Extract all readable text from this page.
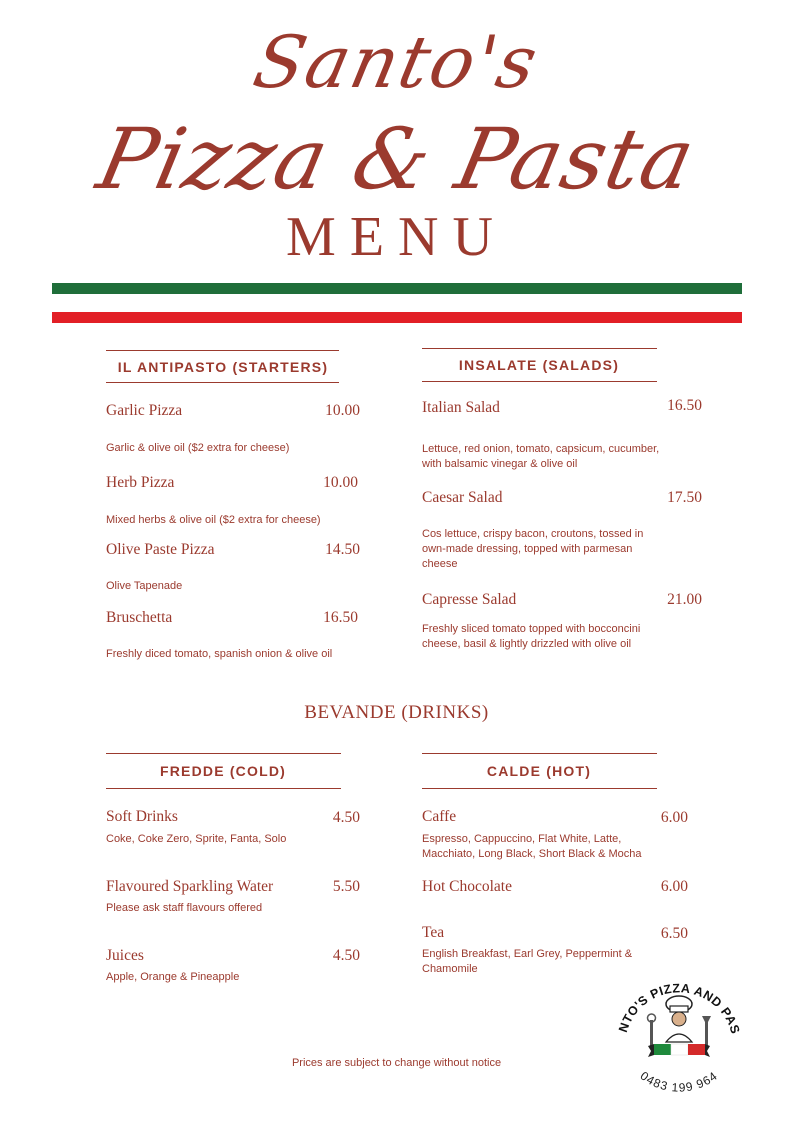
Santo's
Pizza & Pasta
MENU
IL ANTIPASTO (STARTERS)
Garlic Pizza	10.00
Garlic & olive oil ($2 extra for cheese)
Herb Pizza	10.00
Mixed herbs & olive oil ($2 extra for cheese)
Olive Paste Pizza	14.50
Olive Tapenade
Bruschetta	16.50
Freshly diced tomato, spanish onion & olive oil
INSALATE (SALADS)
Italian Salad	16.50
Lettuce, red onion, tomato, capsicum, cucumber, with balsamic vinegar & olive oil
Caesar Salad	17.50
Cos lettuce, crispy bacon, croutons, tossed in own-made dressing, topped with parmesan cheese
Capresse Salad	21.00
Freshly sliced tomato topped with bocconcini cheese, basil & lightly drizzled with olive oil
BEVANDE (DRINKS)
FREDDE (COLD)
Soft Drinks	4.50
Coke, Coke Zero, Sprite, Fanta, Solo
Flavoured Sparkling Water	5.50
Please ask staff flavours offered
Juices	4.50
Apple, Orange & Pineapple
CALDE (HOT)
Caffe	6.00
Espresso, Cappuccino, Flat White, Latte, Macchiato, Long Black, Short Black & Mocha
Hot Chocolate	6.00
Tea	6.50
English Breakfast, Earl Grey, Peppermint & Chamomile
Prices are subject to change without notice
NTO'S PIZZA AND PAS
0483 199 964
